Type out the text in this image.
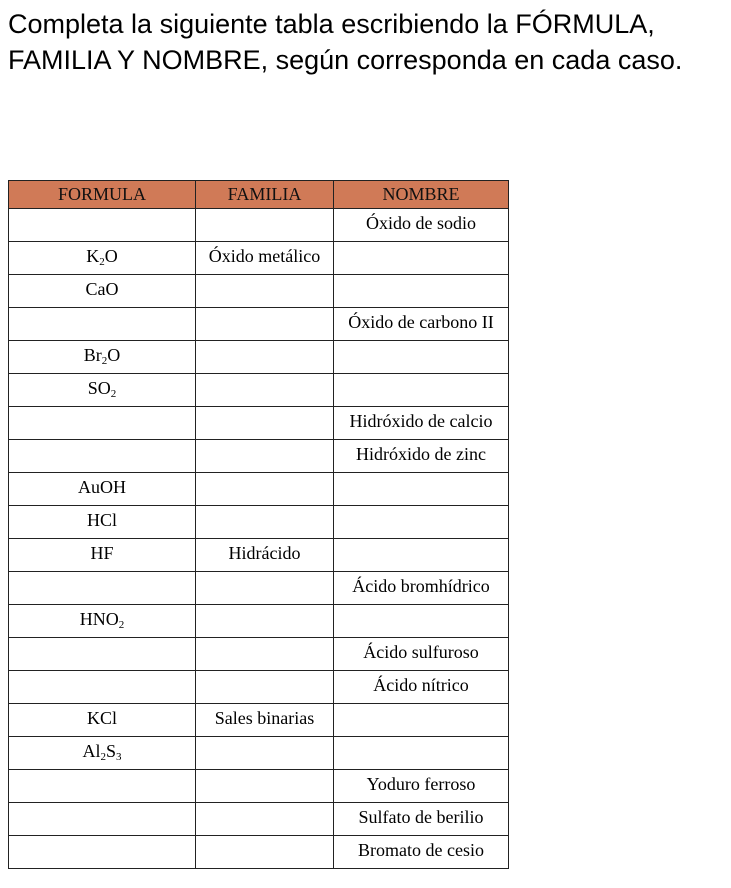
Completa la siguiente tabla escribiendo la FÓRMULA, FAMILIA Y NOMBRE, según corresponda en cada caso.

FORMULA	FAMILIA	NOMBRE
		Óxido de sodio
$K_2O$	Óxido metálico	
CaO		
		Óxido de carbono II
$Br_2O$		
$SO_2$		
		Hidróxido de calcio
		Hidróxido de zinc
AuOH		
HCl		
HF	Hidrácido	
		Ácido bromhídrico
$HNO_2$		
		Ácido sulfuroso
		Ácido nítrico
KCl	Sales binarias	
$Al_2S_3$		
		Yoduro ferroso
		Sulfato de berilio
		Bromato de cesio
